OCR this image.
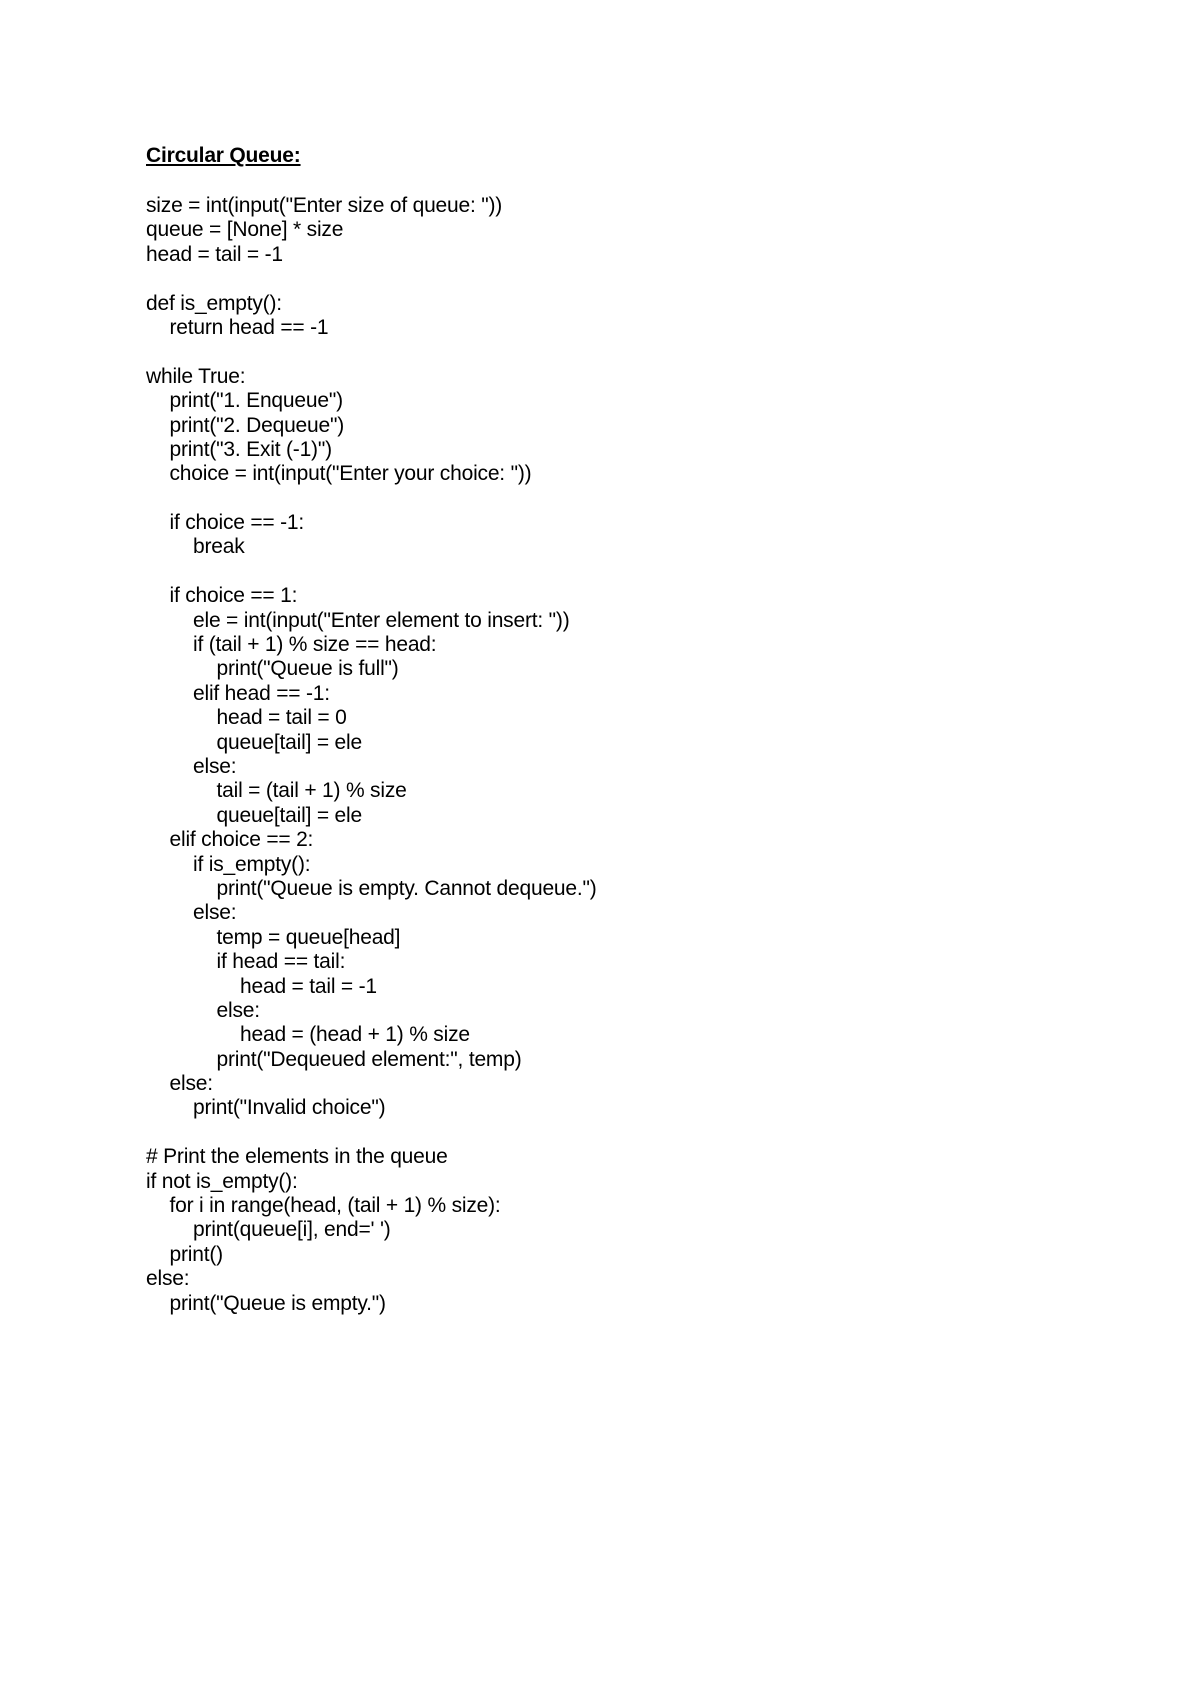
Circular Queue:
size = int(input("Enter size of queue: "))
queue = [None] * size
head = tail = -1
def is_empty():
return head == -1
while True:
print("1. Enqueue")
print("2. Dequeue")
print("3. Exit (-1)")
choice = int(input("Enter your choice: "))
if choice == -1:
break
if choice == 1:
ele = int(input("Enter element to insert: "))
if (tail + 1) % size == head:
print("Queue is full")
elif head == -1:
head = tail = 0
queue[tail] = ele
else:
tail = (tail + 1) % size
queue[tail] = ele
elif choice == 2:
if is_empty():
print("Queue is empty. Cannot dequeue.")
else:
temp = queue[head]
if head == tail:
head = tail = -1
else:
head = (head + 1) % size
print("Dequeued element:", temp)
else:
print("Invalid choice")
# Print the elements in the queue
if not is_empty():
for i in range(head, (tail + 1) % size):
print(queue[i], end=' ')
print()
else:
print("Queue is empty.")
